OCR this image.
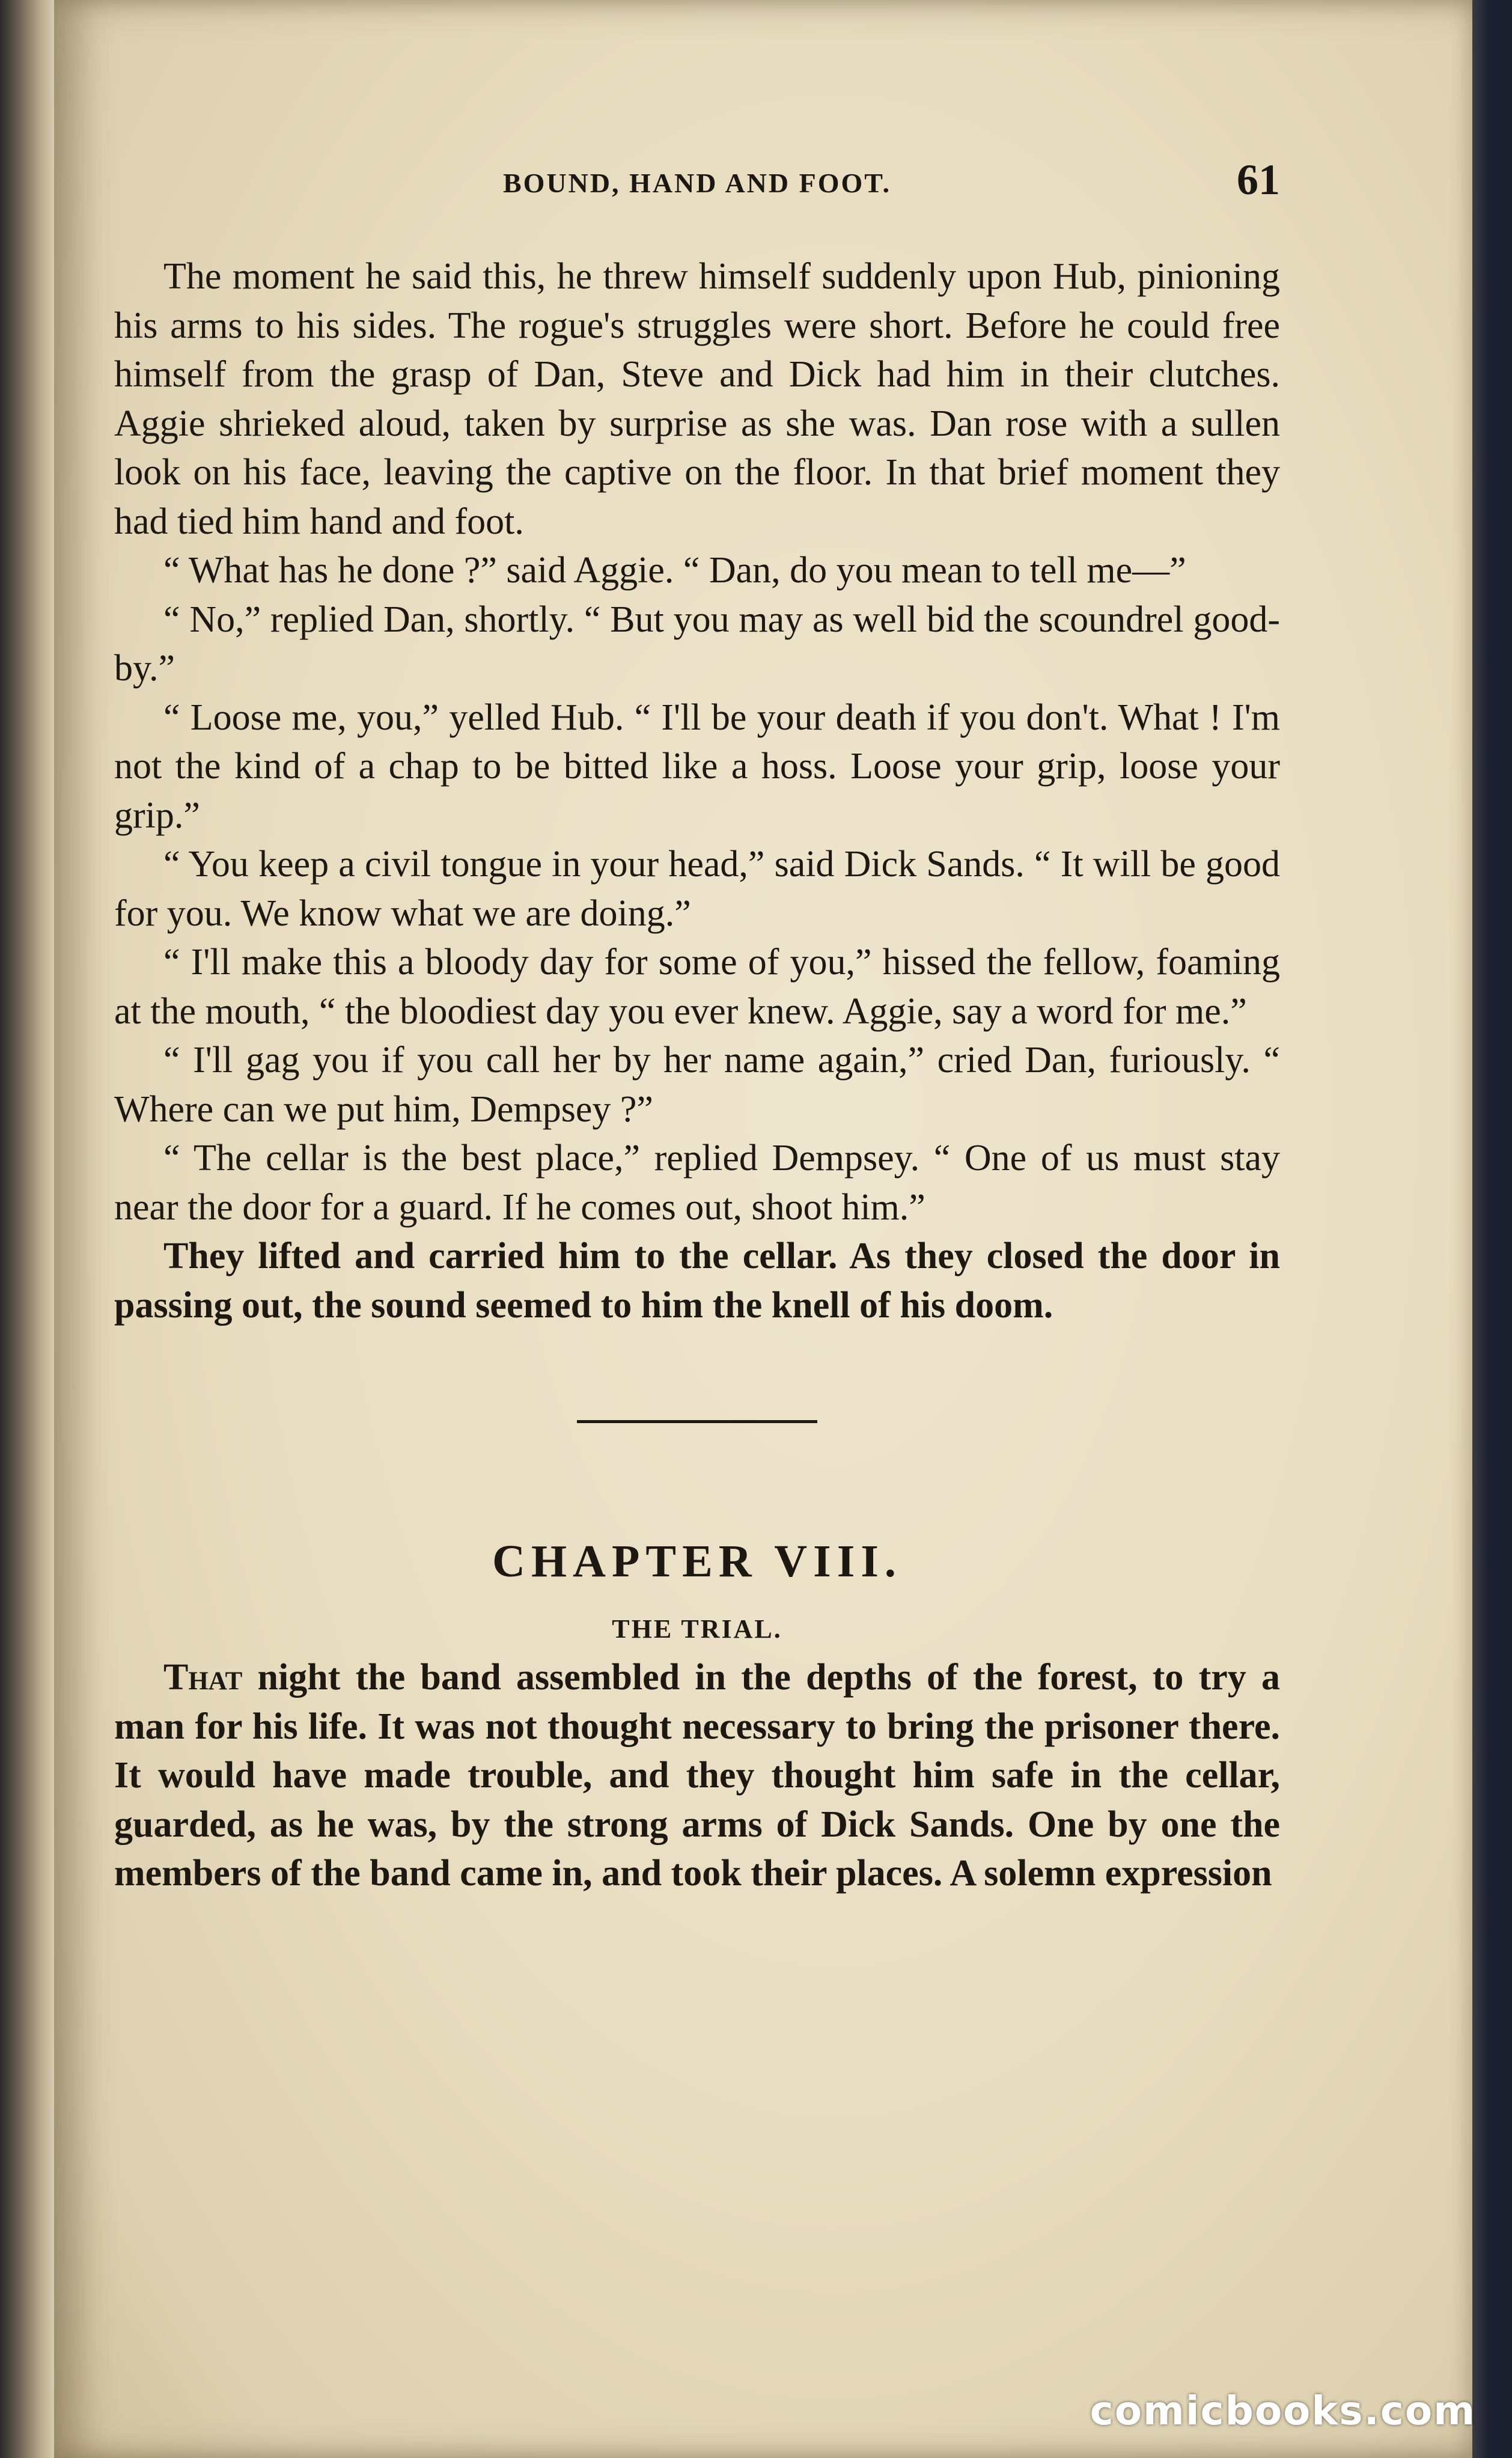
BOUND, HAND AND FOOT.	61

The moment he said this, he threw himself suddenly upon Hub, pinioning his arms to his sides. The rogue's struggles were short. Before he could free himself from the grasp of Dan, Steve and Dick had him in their clutches. Aggie shrieked aloud, taken by surprise as she was. Dan rose with a sullen look on his face, leaving the captive on the floor. In that brief moment they had tied him hand and foot.

“ What has he done ?” said Aggie. “ Dan, do you mean to tell me—”

“ No,” replied Dan, shortly. “ But you may as well bid the scoundrel good-by.”

“ Loose me, you,” yelled Hub. “ I'll be your death if you don't. What ! I'm not the kind of a chap to be bitted like a hoss. Loose your grip, loose your grip.”

“ You keep a civil tongue in your head,” said Dick Sands. “ It will be good for you. We know what we are doing.”

“ I'll make this a bloody day for some of you,” hissed the fellow, foaming at the mouth, “ the bloodiest day you ever knew. Aggie, say a word for me.”

“ I'll gag you if you call her by her name again,” cried Dan, furiously. “ Where can we put him, Dempsey ?”

“ The cellar is the best place,” replied Dempsey. “ One of us must stay near the door for a guard. If he comes out, shoot him.”

They lifted and carried him to the cellar. As they closed the door in passing out, the sound seemed to him the knell of his doom.

CHAPTER VIII.
THE TRIAL.

That night the band assembled in the depths of the forest, to try a man for his life. It was not thought necessary to bring the prisoner there. It would have made trouble, and they thought him safe in the cellar, guarded, as he was, by the strong arms of Dick Sands. One by one the members of the band came in, and took their places. A solemn expression

comicbooks.com
